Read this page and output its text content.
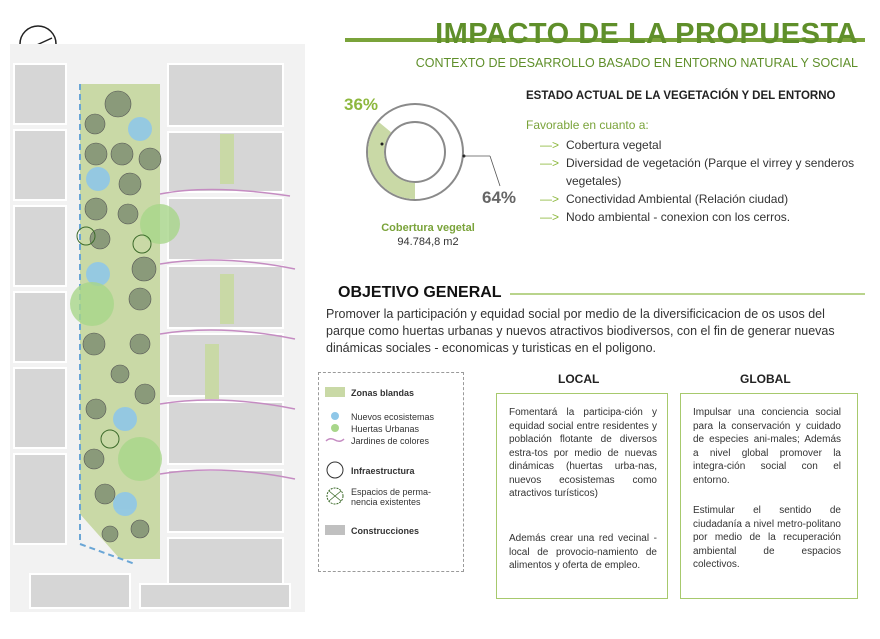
IMPACTO DE LA PROPUESTA
CONTEXTO DE DESARROLLO BASADO EN ENTORNO NATURAL Y SOCIAL
36%
64%
Cobertura vegetal
94.784,8 m2
ESTADO ACTUAL DE LA VEGETACIÓN Y DEL ENTORNO
Favorable en cuanto a:
—> Cobertura vegetal
—> Diversidad de vegetación (Parque el virrey y senderos vegetales)
—> Conectividad Ambiental (Relación ciudad)
—> Nodo ambiental - conexion con los cerros.
OBJETIVO GENERAL
Promover la participación y equidad social por medio de la diversificicacion de os usos del parque como huertas urbanas y nuevos atractivos biodiversos, con el fin de generar nuevas dinámicas sociales - economicas y turisticas en el poligono.
Zonas blandas
Nuevos ecosistemas
Huertas Urbanas
Jardines de colores
Infraestructura
Espacios de perma-
nencia existentes
Construcciones
LOCAL	GLOBAL
Fomentará la participa-ción y equidad social entre residentes y población flotante de diversos estra-tos por medio de nuevas dinámicas (huertas urba-nas, nuevos ecosistemas como atractivos turísticos)
Además crear una red vecinal - local de provocio-namiento de alimentos y oferta de empleo.
Impulsar una conciencia social para la conservación y cuidado de especies ani-males; Además a nivel global promover la integra-ción social con el entorno.
Estimular el sentido de ciudadanía a nivel metro-politano por medio de la recuperación ambiental de espacios colectivos.
